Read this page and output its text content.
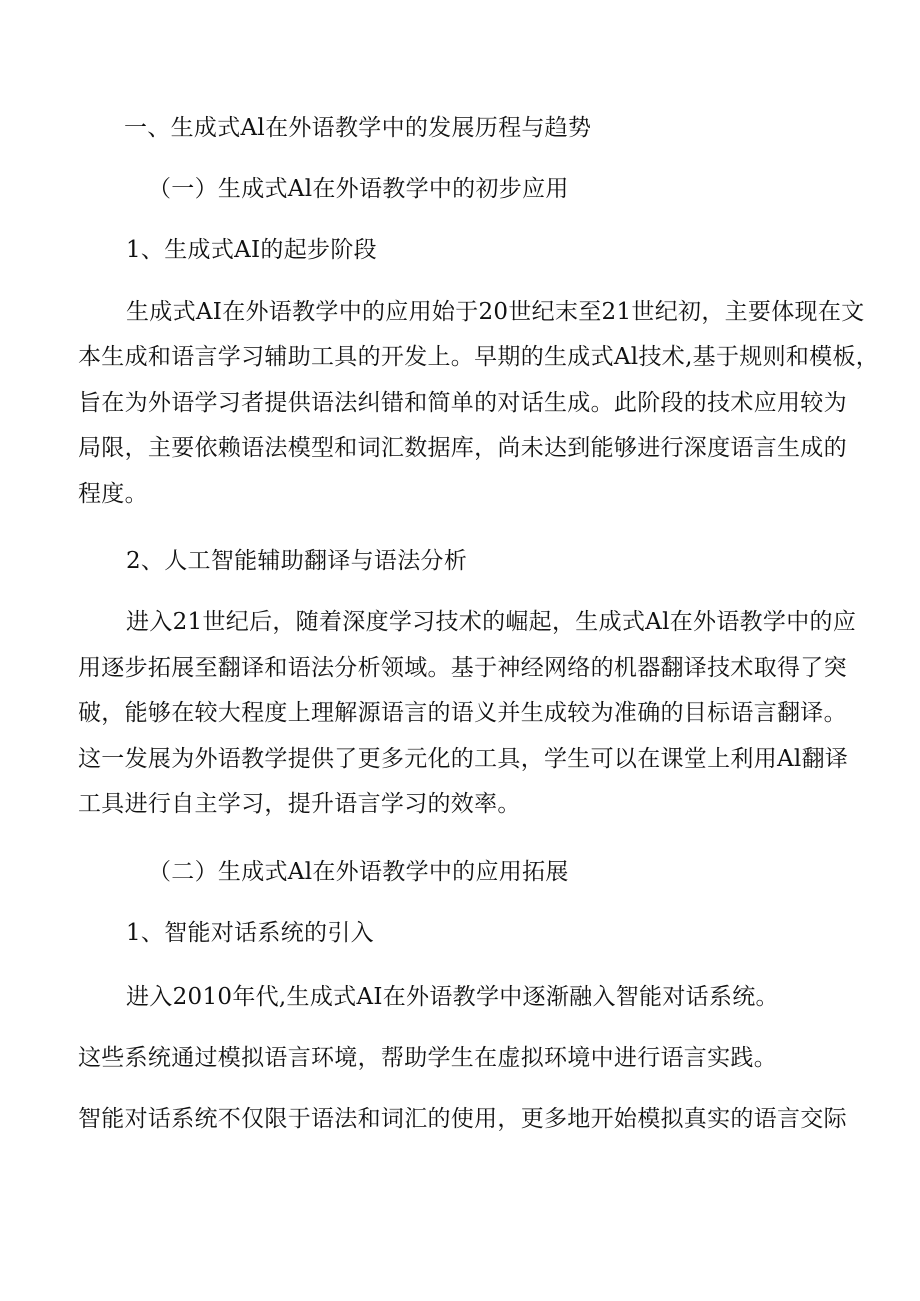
一、生成式Al在外语教学中的发展历程与趋势
（一）生成式Al在外语教学中的初步应用
1、生成式AI的起步阶段
生成式AI在外语教学中的应用始于20世纪末至21世纪初，主要体现在文
本生成和语言学习辅助工具的开发上。早期的生成式Al技术,基于规则和模板，
旨在为外语学习者提供语法纠错和简单的对话生成。此阶段的技术应用较为
局限，主要依赖语法模型和词汇数据库，尚未达到能够进行深度语言生成的
程度。
2、人工智能辅助翻译与语法分析
进入21世纪后，随着深度学习技术的崛起，生成式Al在外语教学中的应
用逐步拓展至翻译和语法分析领域。基于神经网络的机器翻译技术取得了突
破，能够在较大程度上理解源语言的语义并生成较为准确的目标语言翻译。
这一发展为外语教学提供了更多元化的工具，学生可以在课堂上利用Al翻译
工具进行自主学习，提升语言学习的效率。
（二）生成式Al在外语教学中的应用拓展
1、智能对话系统的引入
进入2010年代,生成式AI在外语教学中逐渐融入智能对话系统。
这些系统通过模拟语言环境，帮助学生在虚拟环境中进行语言实践。
智能对话系统不仅限于语法和词汇的使用，更多地开始模拟真实的语言交际
